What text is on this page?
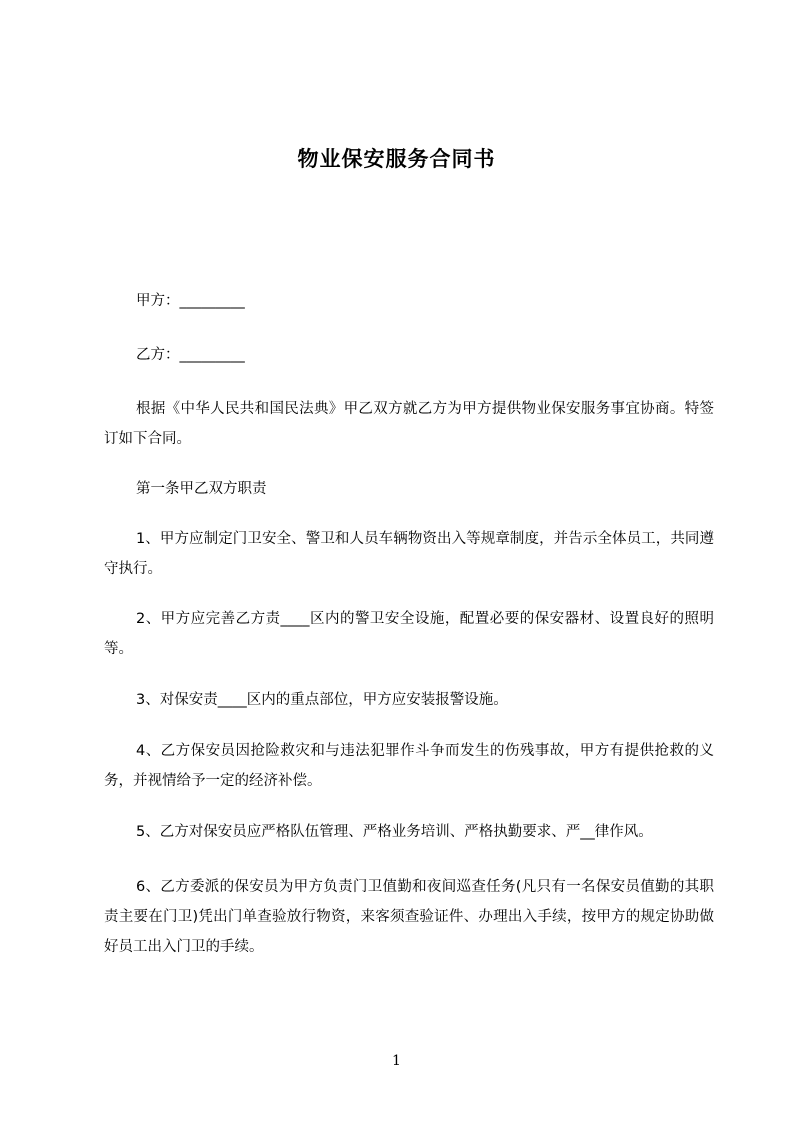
物业保安服务合同书
甲方：_________
乙方：_________
根据《中华人民共和国民法典》甲乙双方就乙方为甲方提供物业保安服务事宜协商。特签订如下合同。
第一条甲乙双方职责
1、甲方应制定门卫安全、警卫和人员车辆物资出入等规章制度，并告示全体员工，共同遵守执行。
2、甲方应完善乙方责____区内的警卫安全设施，配置必要的保安器材、设置良好的照明等。
3、对保安责____区内的重点部位，甲方应安装报警设施。
4、乙方保安员因抢险救灾和与违法犯罪作斗争而发生的伤残事故，甲方有提供抢救的义务，并视情给予一定的经济补偿。
5、乙方对保安员应严格队伍管理、严格业务培训、严格执勤要求、严__律作风。
6、乙方委派的保安员为甲方负责门卫值勤和夜间巡查任务(凡只有一名保安员值勤的其职责主要在门卫)凭出门单查验放行物资，来客须查验证件、办理出入手续，按甲方的规定协助做好员工出入门卫的手续。
1
